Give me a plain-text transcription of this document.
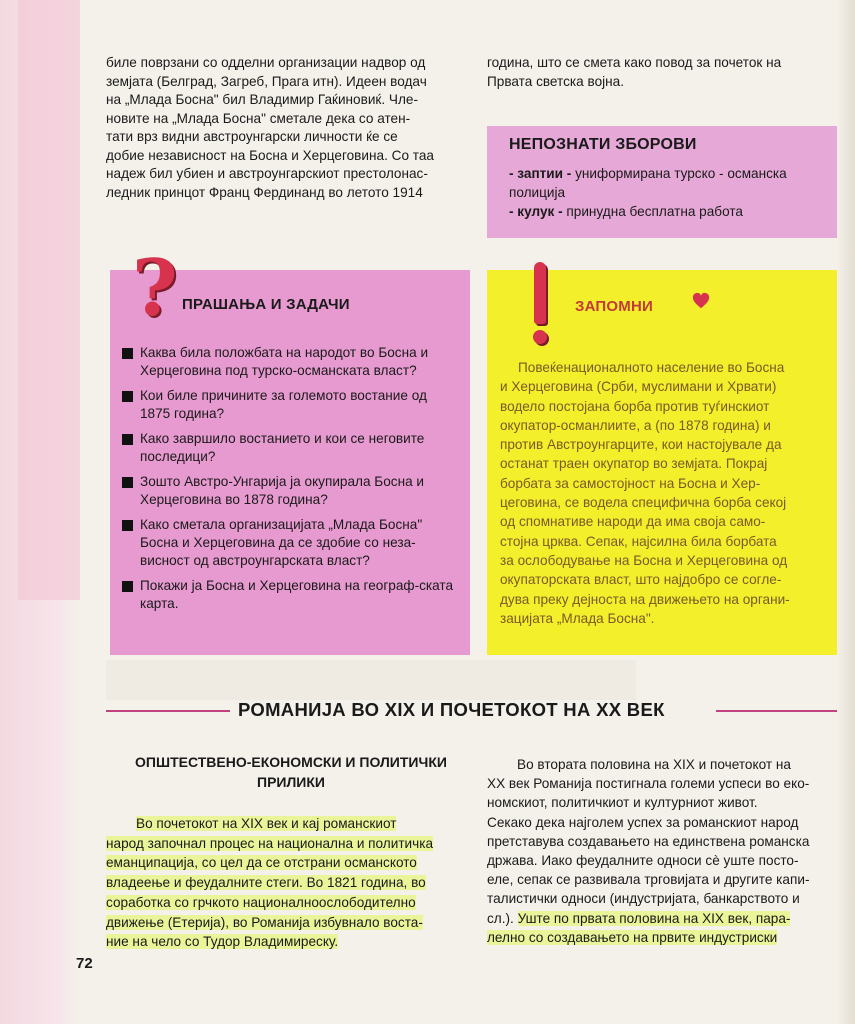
биле поврзани со одделни организации надвор од
земјата (Белград, Загреб, Прага итн). Идеен водач
на „Млада Босна" бил Владимир Гаќиновиќ. Чле-
новите на „Млада Босна" сметале дека со атен-
тати врз видни австроунгарски личности ќе се
добие независност на Босна и Херцеговина. Со таа
надеж бил убиен и австроунгарскиот престолонас-
ледник принцот Франц Фердинанд во летото 1914
година, што се смета како повод за почеток на
Првата светска војна.
НЕПОЗНАТИ ЗБОРОВИ
- заптии - униформирана турско - османска полиција
- кулук - принудна бесплатна работа
ПРАШАЊА И ЗАДАЧИ
Каква била положбата на народот во Босна и Херцеговина под турско-османската власт?
Кои биле причините за големото востание од 1875 година?
Како завршило востанието и кои се неговите последици?
Зошто Австро-Унгарија ја окупирала Босна и Херцеговина во 1878 година?
Како сметала организацијата „Млада Босна" Босна и Херцеговина да се здобие со неза-висност од австроунгарската власт?
Покажи ја Босна и Херцеговина на географ-ската карта.
?	ЗАПОМНИ
Повеќенационалното население во Босна
и Херцеговина (Срби, муслимани и Хрвати)
водело постојана борба против туѓинскиот
окупатор-османлиите, а (по 1878 година) и
против Австроунгарците, кои настојувале да
останат траен окупатор во земјата. Покрај
борбата за самостојност на Босна и Хер-
цеговина, се водела специфична борба секој
од спомнативе народи да има своја само-
стојна црква. Сепак, најсилна била борбата
за ослободување на Босна и Херцеговина од
окупаторската власт, што најдобро се согле-
дува преку дејноста на движењето на органи-
зацијата „Млада Босна".
РОМАНИЈА ВО XIX И ПОЧЕТОКОТ НА XX ВЕК
ОПШТЕСТВЕНО-ЕКОНОМСКИ И ПОЛИТИЧКИ
ПРИЛИКИ
Во почетокот на XIX век и кај романскиот
народ започнал процес на национална и политичка
еманципација, со цел да се отстрани османското
владеење и феудалните стеги. Во 1821 година, во
соработка со грчкото националноослободително
движење (Етерија), во Романија избувнало воста-
ние на чело со Тудор Владимиреску.
Во втората половина на XIX и почетокот на
XX век Романија постигнала големи успеси во еко-
номскиот, политичкиот и културниот живот.
Секако дека најголем успех за романскиот народ
претставува создавањето на единствена романска
држава. Иако феудалните односи сè уште посто-
еле, сепак се развивала трговијата и другите капи-
талистички односи (индустријата, банкарството и
сл.). Уште по првата половина на XIX век, пара-
лелно со создавањето на првите индустриски
72
